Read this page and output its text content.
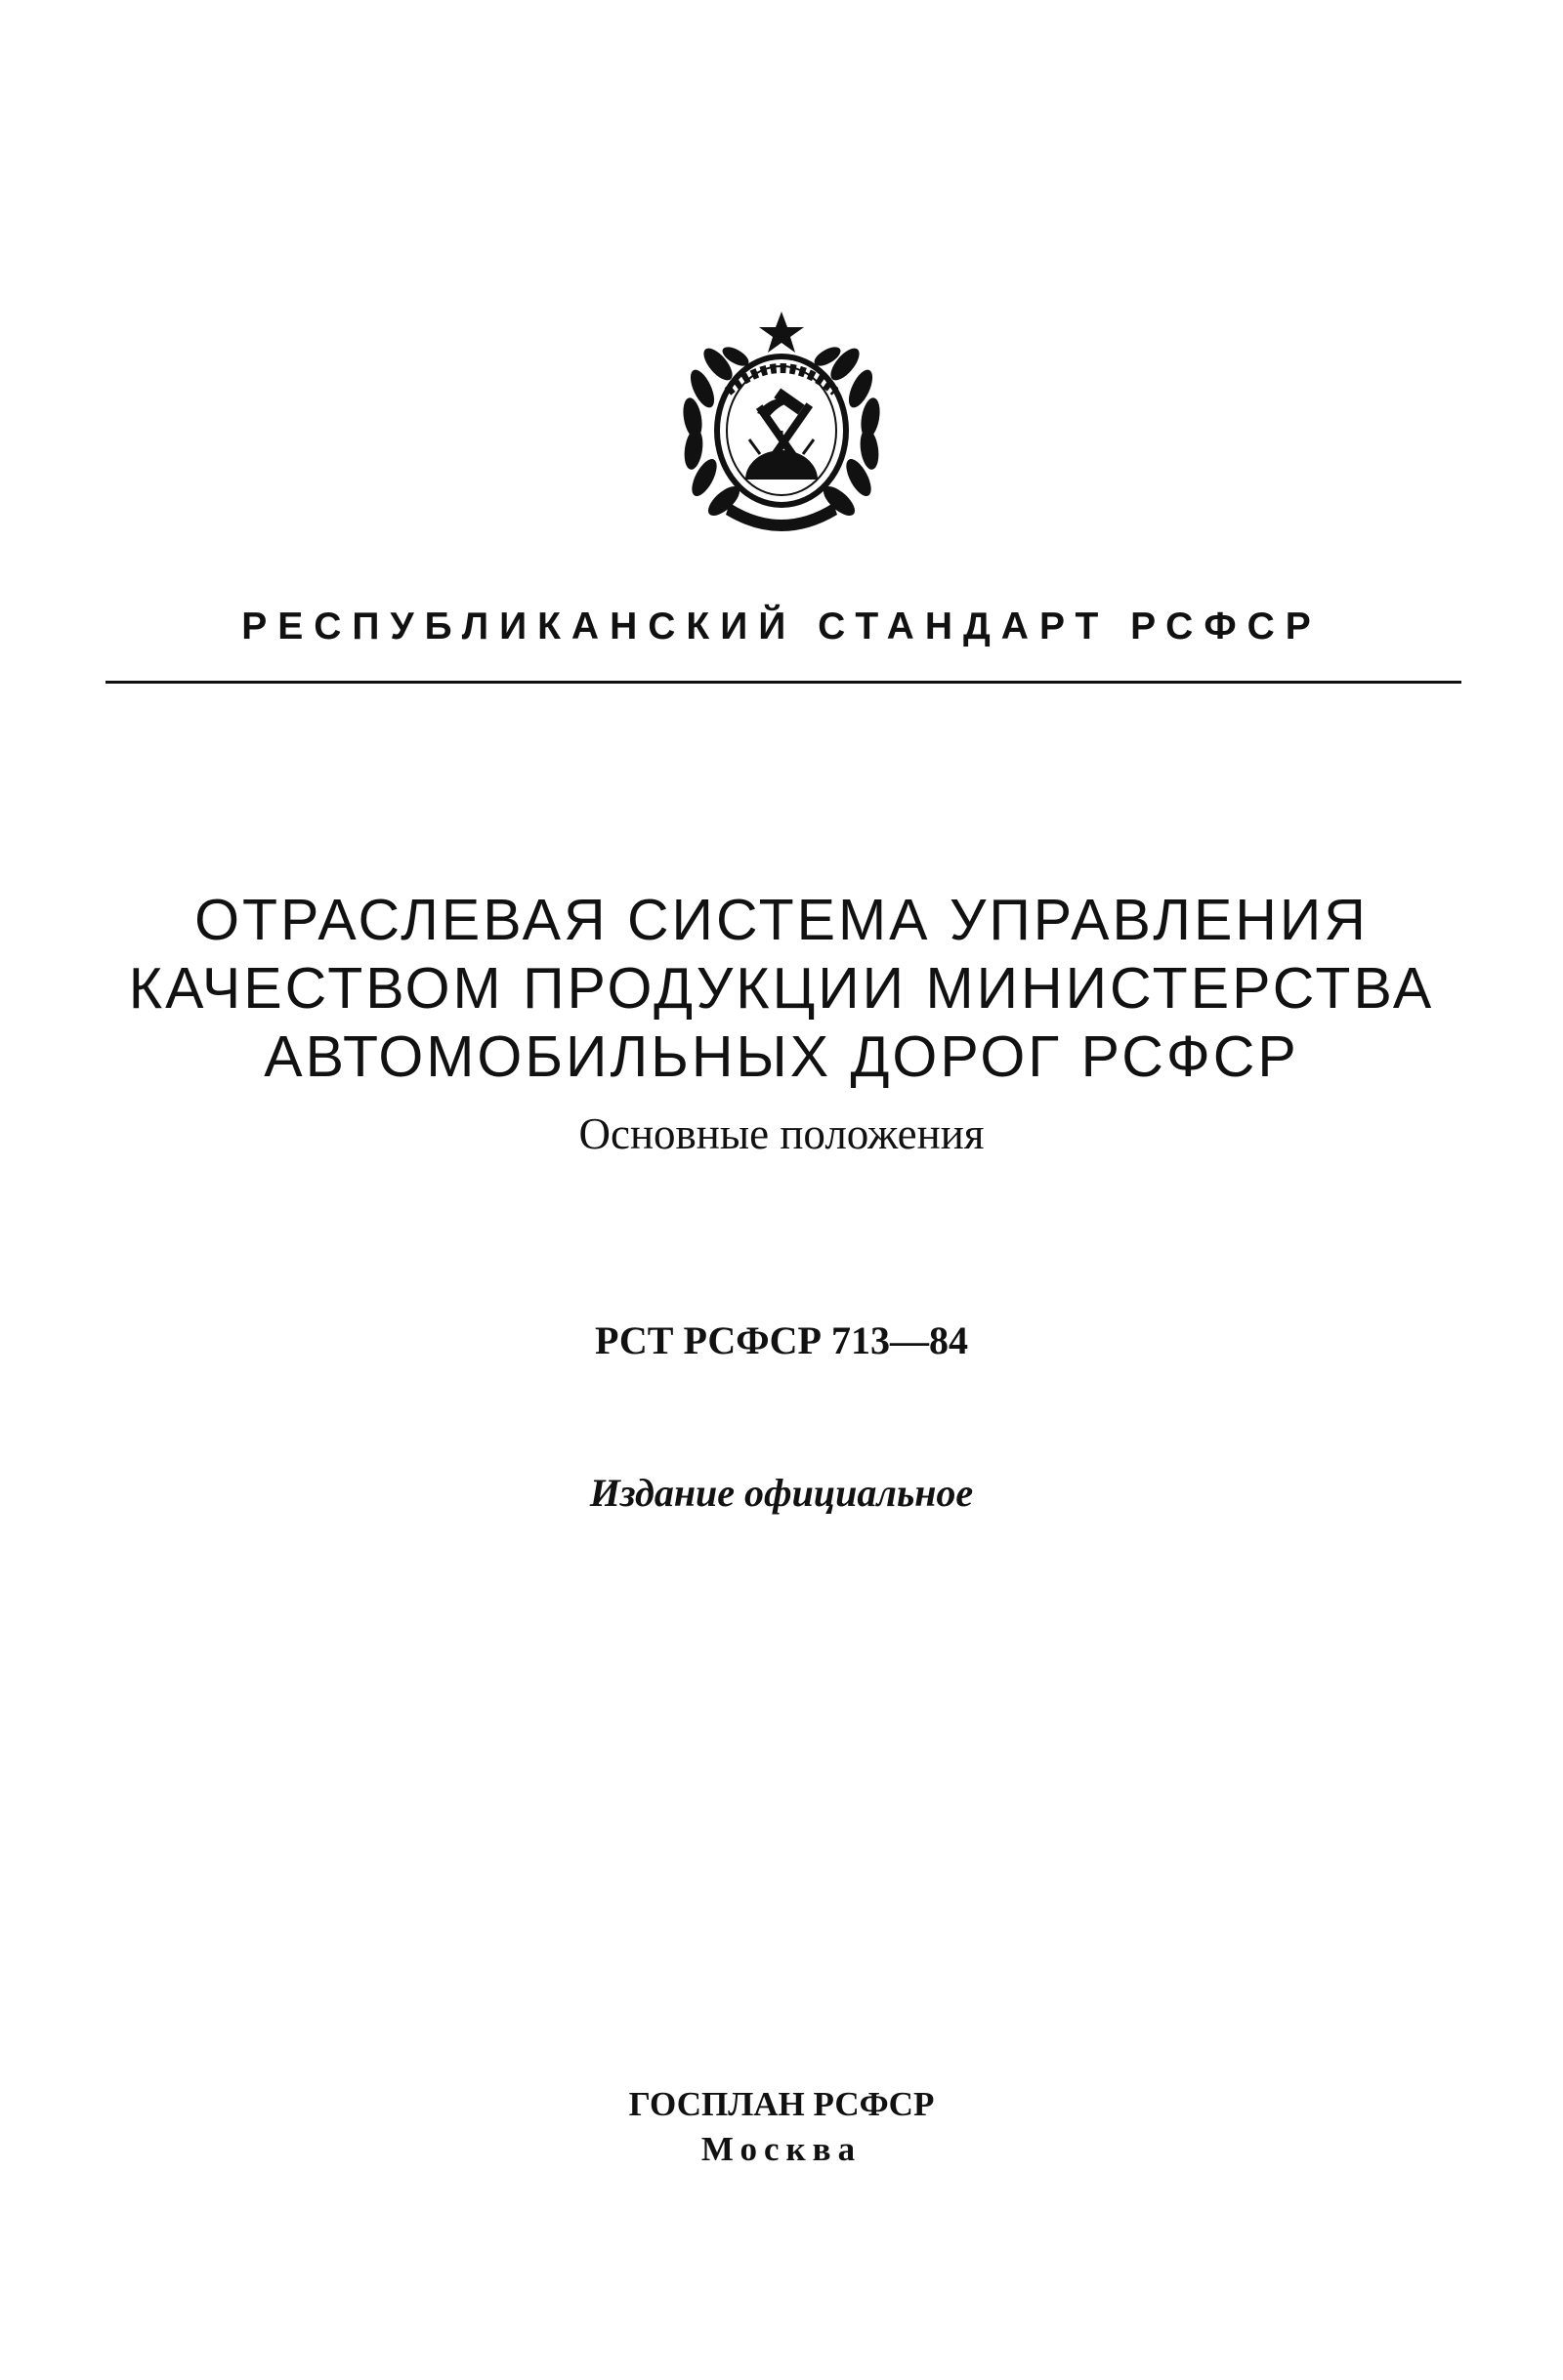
РЕСПУБЛИКАНСКИЙ СТАНДАРТ РСФСР
ОТРАСЛЕВАЯ СИСТЕМА УПРАВЛЕНИЯ
КАЧЕСТВОМ ПРОДУКЦИИ МИНИСТЕРСТВА
АВТОМОБИЛЬНЫХ ДОРОГ РСФСР
Основные положения
РСТ РСФСР 713—84
Издание официальное
ГОСПЛАН РСФСР
Москва
